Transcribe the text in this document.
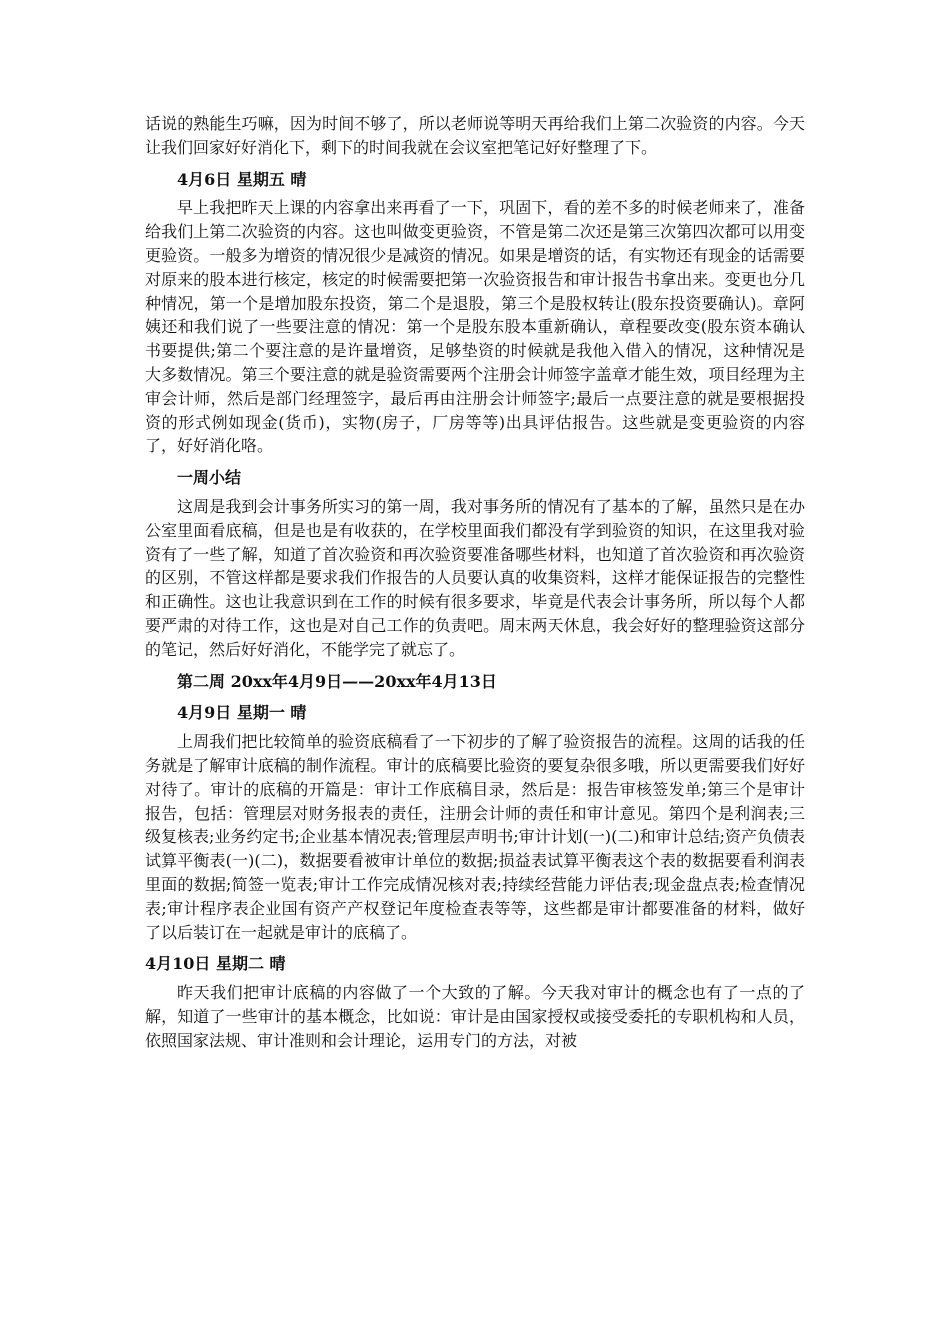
话说的熟能生巧嘛，因为时间不够了，所以老师说等明天再给我们上第二次验资的内容。今天让我们回家好好消化下，剩下的时间我就在会议室把笔记好好整理了下。

4月6日 星期五 晴

早上我把昨天上课的内容拿出来再看了一下，巩固下，看的差不多的时候老师来了，准备给我们上第二次验资的内容。这也叫做变更验资，不管是第二次还是第三次第四次都可以用变更验资。一般多为增资的情况很少是减资的情况。如果是增资的话，有实物还有现金的话需要对原来的股本进行核定，核定的时候需要把第一次验资报告和审计报告书拿出来。变更也分几种情况，第一个是增加股东投资，第二个是退股，第三个是股权转让(股东投资要确认)。章阿姨还和我们说了一些要注意的情况：第一个是股东股本重新确认，章程要改变(股东资本确认书要提供;第二个要注意的是许量增资，足够垫资的时候就是我他入借入的情况，这种情况是大多数情况。第三个要注意的就是验资需要两个注册会计师签字盖章才能生效，项目经理为主审会计师，然后是部门经理签字，最后再由注册会计师签字;最后一点要注意的就是要根据投资的形式例如现金(货币)，实物(房子，厂房等等)出具评估报告。这些就是变更验资的内容了，好好消化咯。

一周小结

这周是我到会计事务所实习的第一周，我对事务所的情况有了基本的了解，虽然只是在办公室里面看底稿，但是也是有收获的，在学校里面我们都没有学到验资的知识，在这里我对验资有了一些了解，知道了首次验资和再次验资要准备哪些材料，也知道了首次验资和再次验资的区别，不管这样都是要求我们作报告的人员要认真的收集资料，这样才能保证报告的完整性和正确性。这也让我意识到在工作的时候有很多要求，毕竟是代表会计事务所，所以每个人都要严肃的对待工作，这也是对自己工作的负责吧。周末两天休息，我会好好的整理验资这部分的笔记，然后好好消化，不能学完了就忘了。

第二周 20xx年4月9日——20xx年4月13日
4月9日 星期一 晴

上周我们把比较简单的验资底稿看了一下初步的了解了验资报告的流程。这周的话我的任务就是了解审计底稿的制作流程。审计的底稿要比验资的要复杂很多哦，所以更需要我们好好对待了。审计的底稿的开篇是：审计工作底稿目录，然后是：报告审核签发单;第三个是审计报告，包括：管理层对财务报表的责任，注册会计师的责任和审计意见。第四个是利润表;三级复核表;业务约定书;企业基本情况表;管理层声明书;审计计划(一)(二)和审计总结;资产负债表试算平衡表(一)(二)，数据要看被审计单位的数据;损益表试算平衡表这个表的数据要看利润表里面的数据;简签一览表;审计工作完成情况核对表;持续经营能力评估表;现金盘点表;检查情况表;审计程序表企业国有资产产权登记年度检查表等等，这些都是审计都要准备的材料，做好了以后装订在一起就是审计的底稿了。

4月10日 星期二 晴

昨天我们把审计底稿的内容做了一个大致的了解。今天我对审计的概念也有了一点的了解，知道了一些审计的基本概念，比如说：审计是由国家授权或接受委托的专职机构和人员，依照国家法规、审计准则和会计理论，运用专门的方法，对被
